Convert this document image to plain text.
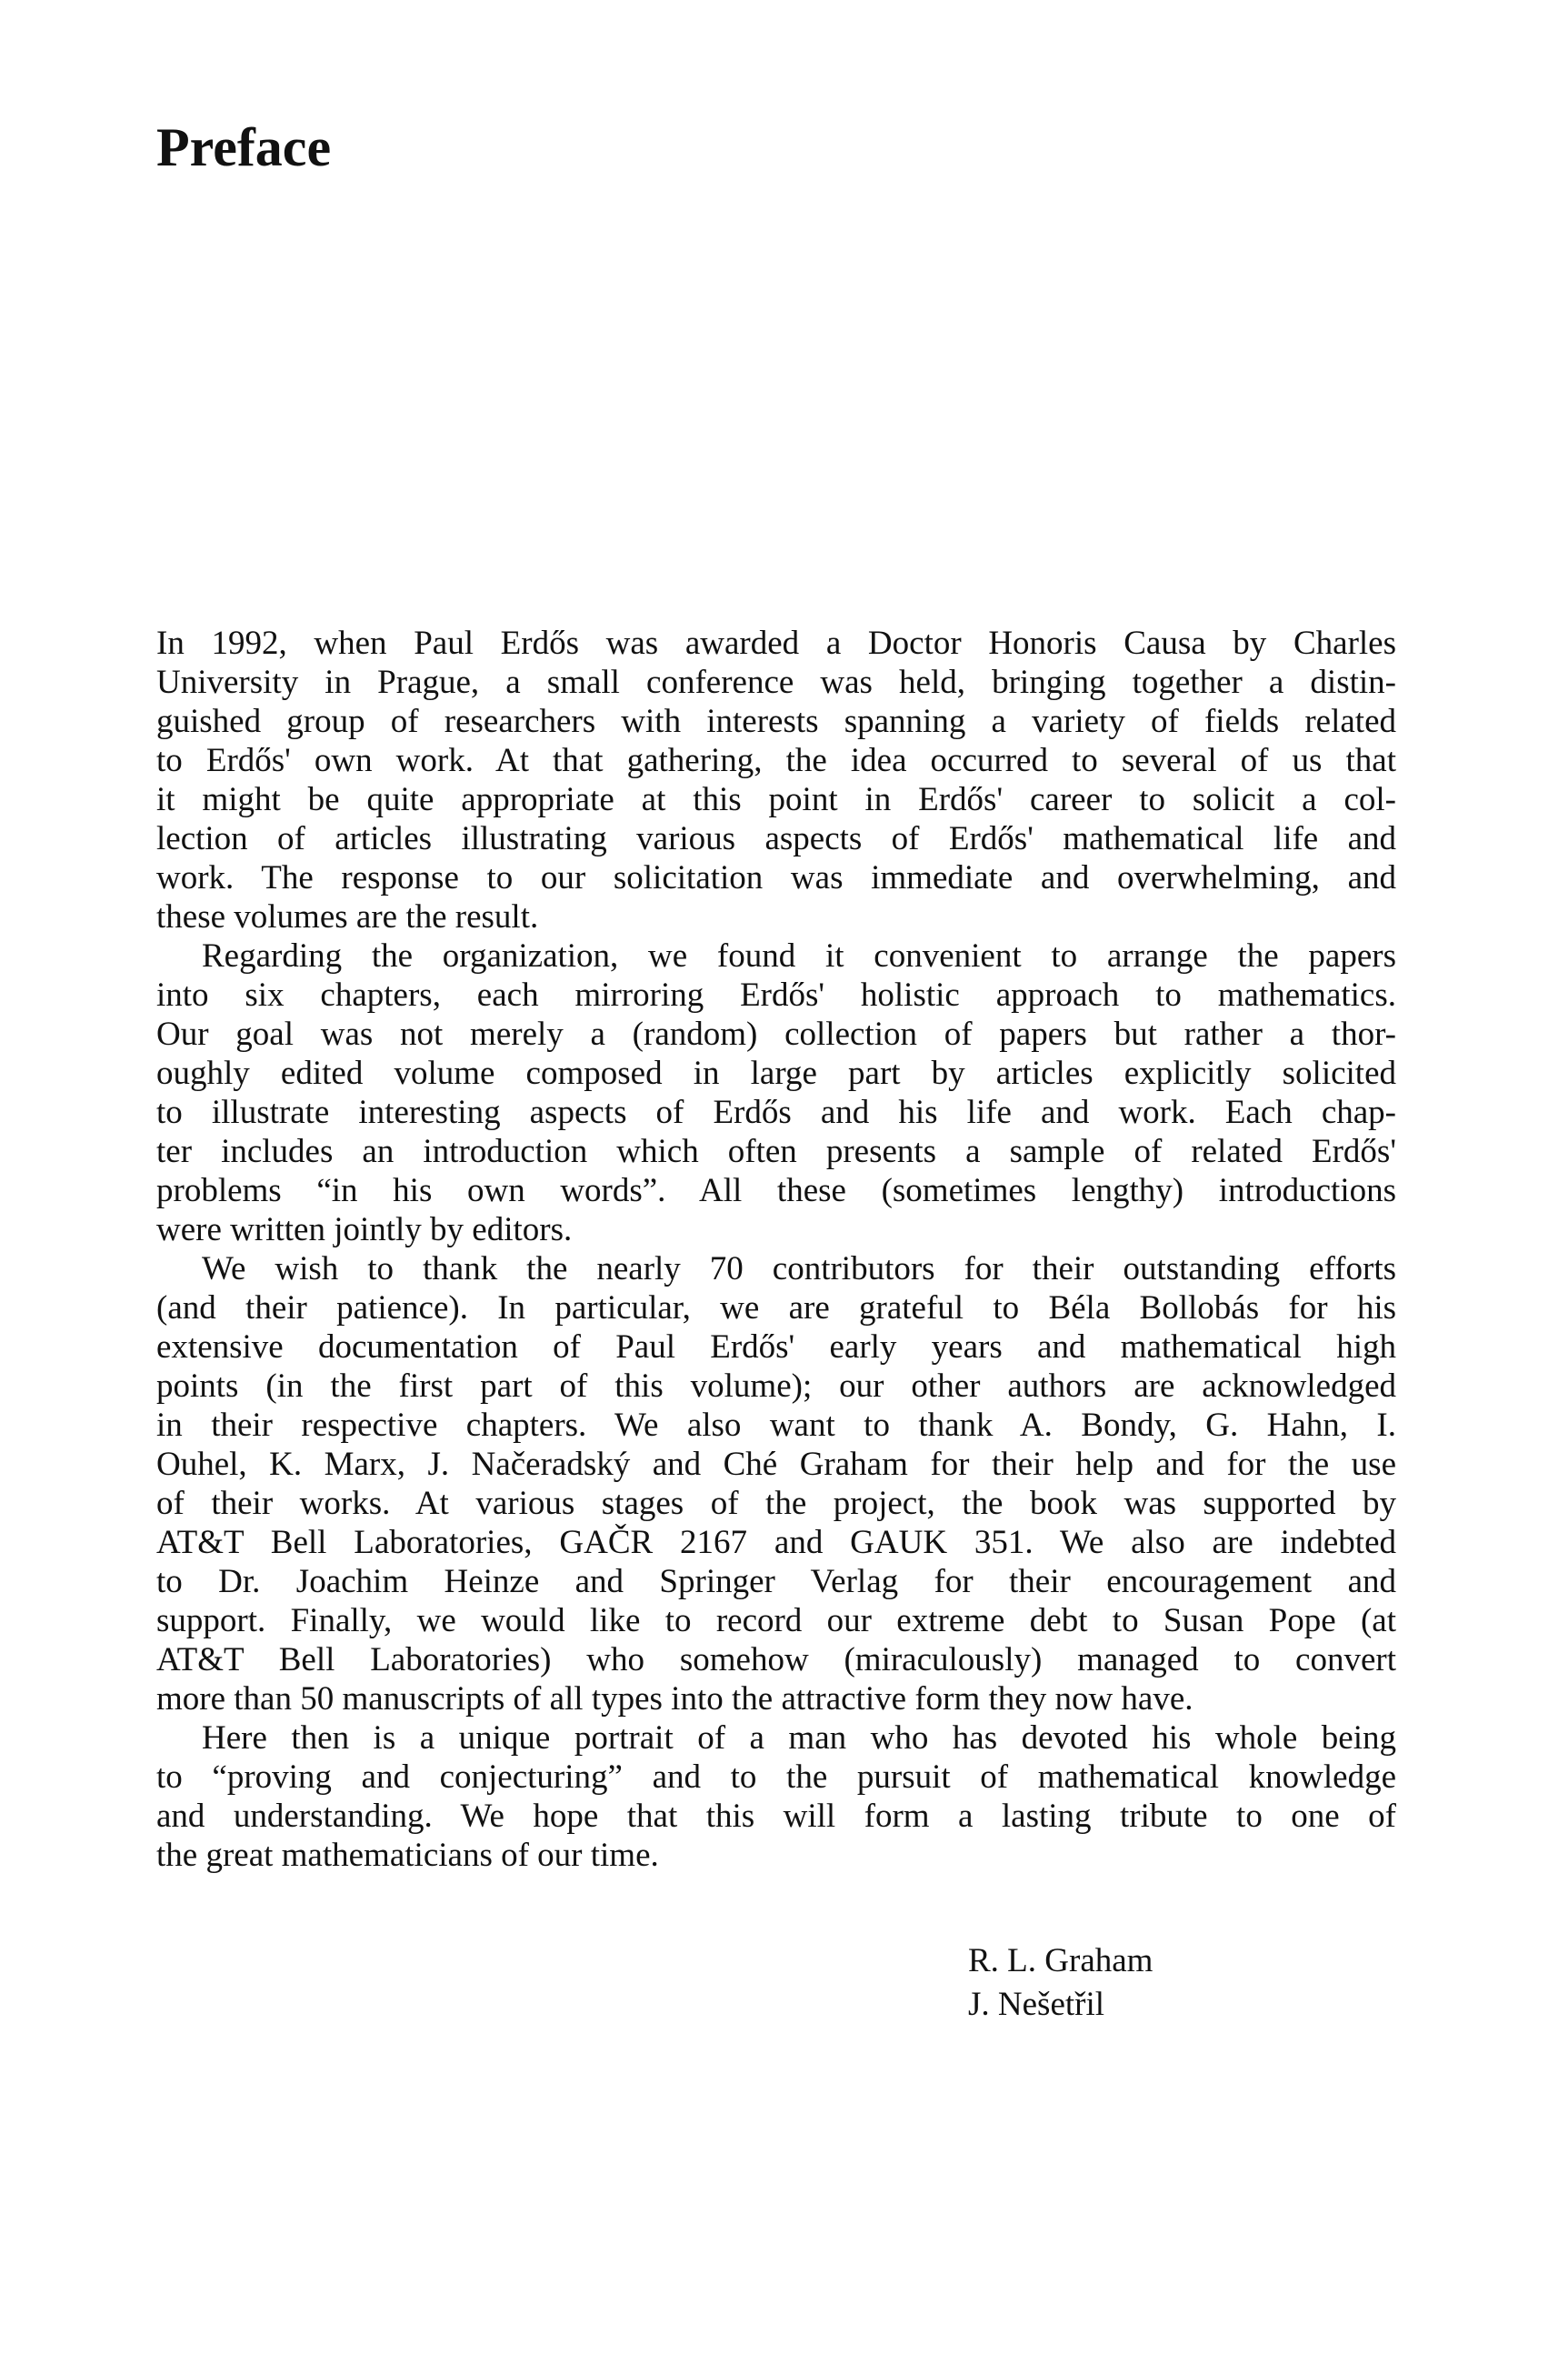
Preface
In 1992, when Paul Erdős was awarded a Doctor Honoris Causa by Charles
University in Prague, a small conference was held, bringing together a distin-
guished group of researchers with interests spanning a variety of fields related
to Erdős' own work. At that gathering, the idea occurred to several of us that
it might be quite appropriate at this point in Erdős' career to solicit a col-
lection of articles illustrating various aspects of Erdős' mathematical life and
work. The response to our solicitation was immediate and overwhelming, and
these volumes are the result.
Regarding the organization, we found it convenient to arrange the papers
into six chapters, each mirroring Erdős' holistic approach to mathematics.
Our goal was not merely a (random) collection of papers but rather a thor-
oughly edited volume composed in large part by articles explicitly solicited
to illustrate interesting aspects of Erdős and his life and work. Each chap-
ter includes an introduction which often presents a sample of related Erdős'
problems “in his own words”. All these (sometimes lengthy) introductions
were written jointly by editors.
We wish to thank the nearly 70 contributors for their outstanding efforts
(and their patience). In particular, we are grateful to Béla Bollobás for his
extensive documentation of Paul Erdős' early years and mathematical high
points (in the first part of this volume); our other authors are acknowledged
in their respective chapters. We also want to thank A. Bondy, G. Hahn, I.
Ouhel, K. Marx, J. Načeradský and Ché Graham for their help and for the use
of their works. At various stages of the project, the book was supported by
AT&T Bell Laboratories, GAČR 2167 and GAUK 351. We also are indebted
to Dr. Joachim Heinze and Springer Verlag for their encouragement and
support. Finally, we would like to record our extreme debt to Susan Pope (at
AT&T Bell Laboratories) who somehow (miraculously) managed to convert
more than 50 manuscripts of all types into the attractive form they now have.
Here then is a unique portrait of a man who has devoted his whole being
to “proving and conjecturing” and to the pursuit of mathematical knowledge
and understanding. We hope that this will form a lasting tribute to one of
the great mathematicians of our time.
R. L. Graham
J. Nešetřil
